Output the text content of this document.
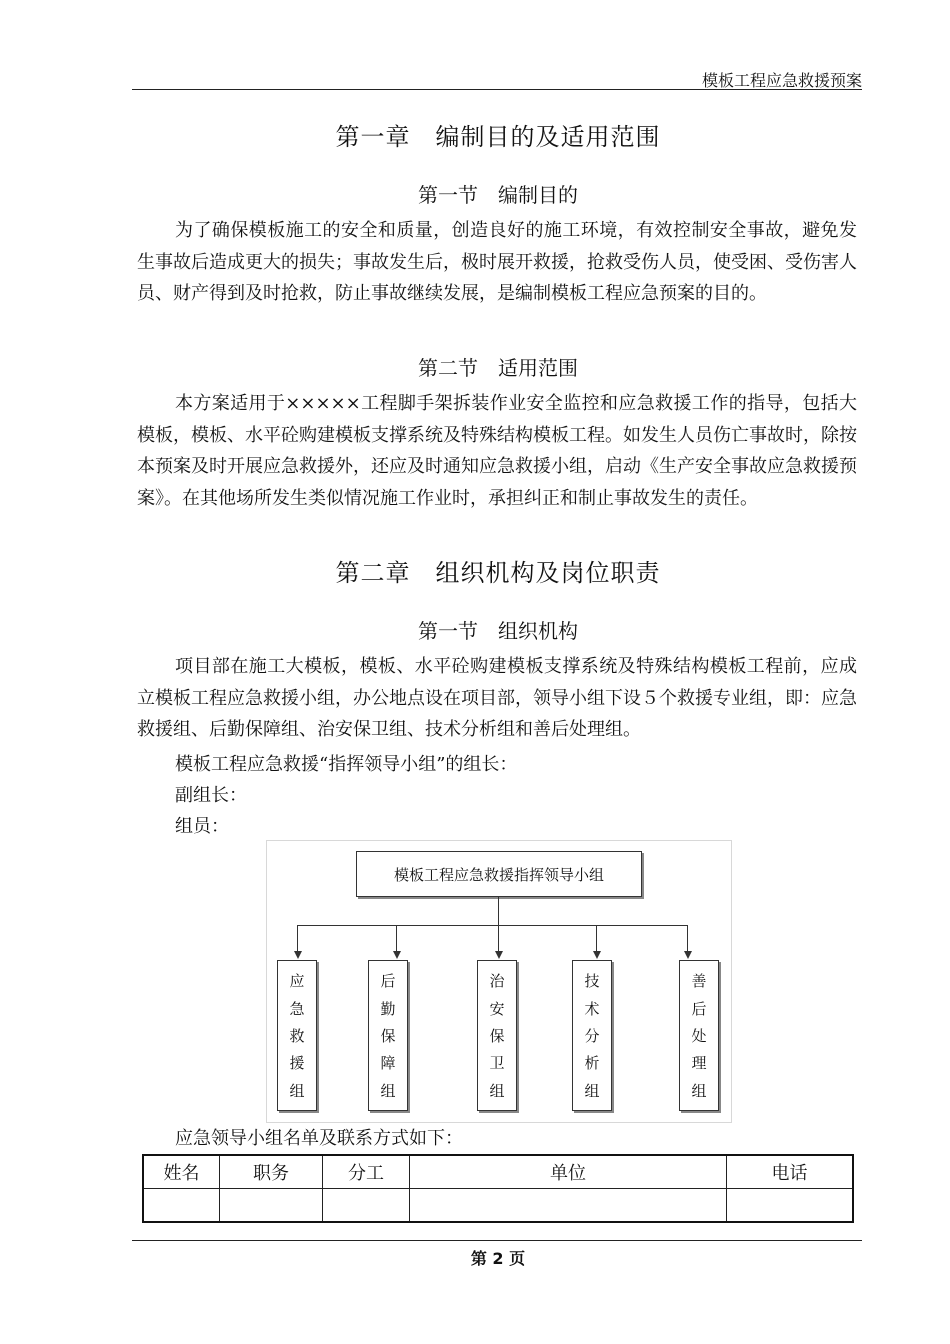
模板工程应急救援预案
第一章　编制目的及适用范围
第一节　编制目的
为了确保模板施工的安全和质量，创造良好的施工环境，有效控制安全事故，避免发生事故后造成更大的损失；事故发生后，极时展开救援，抢救受伤人员，使受困、受伤害人员、财产得到及时抢救，防止事故继续发展，是编制模板工程应急预案的目的。
第二节　适用范围
本方案适用于×××××工程脚手架拆装作业安全监控和应急救援工作的指导，包括大模板，模板、水平砼购建模板支撑系统及特殊结构模板工程。如发生人员伤亡事故时，除按本预案及时开展应急救援外，还应及时通知应急救援小组，启动《生产安全事故应急救援预案》。在其他场所发生类似情况施工作业时，承担纠正和制止事故发生的责任。
第二章　组织机构及岗位职责
第一节　组织机构
项目部在施工大模板，模板、水平砼购建模板支撑系统及特殊结构模板工程前，应成立模板工程应急救援小组，办公地点设在项目部，领导小组下设５个救援专业组，即：应急救援组、后勤保障组、治安保卫组、技术分析组和善后处理组。
模板工程应急救援“指挥领导小组”的组长：
副组长：
组员：
模板工程应急救援指挥领导小组
应
急
救
援
组
后
勤
保
障
组
治
安
保
卫
组
技
术
分
析
组
善
后
处
理
组
应急领导小组名单及联系方式如下：
姓名	职务	分工	单位	电话

第 2 页
